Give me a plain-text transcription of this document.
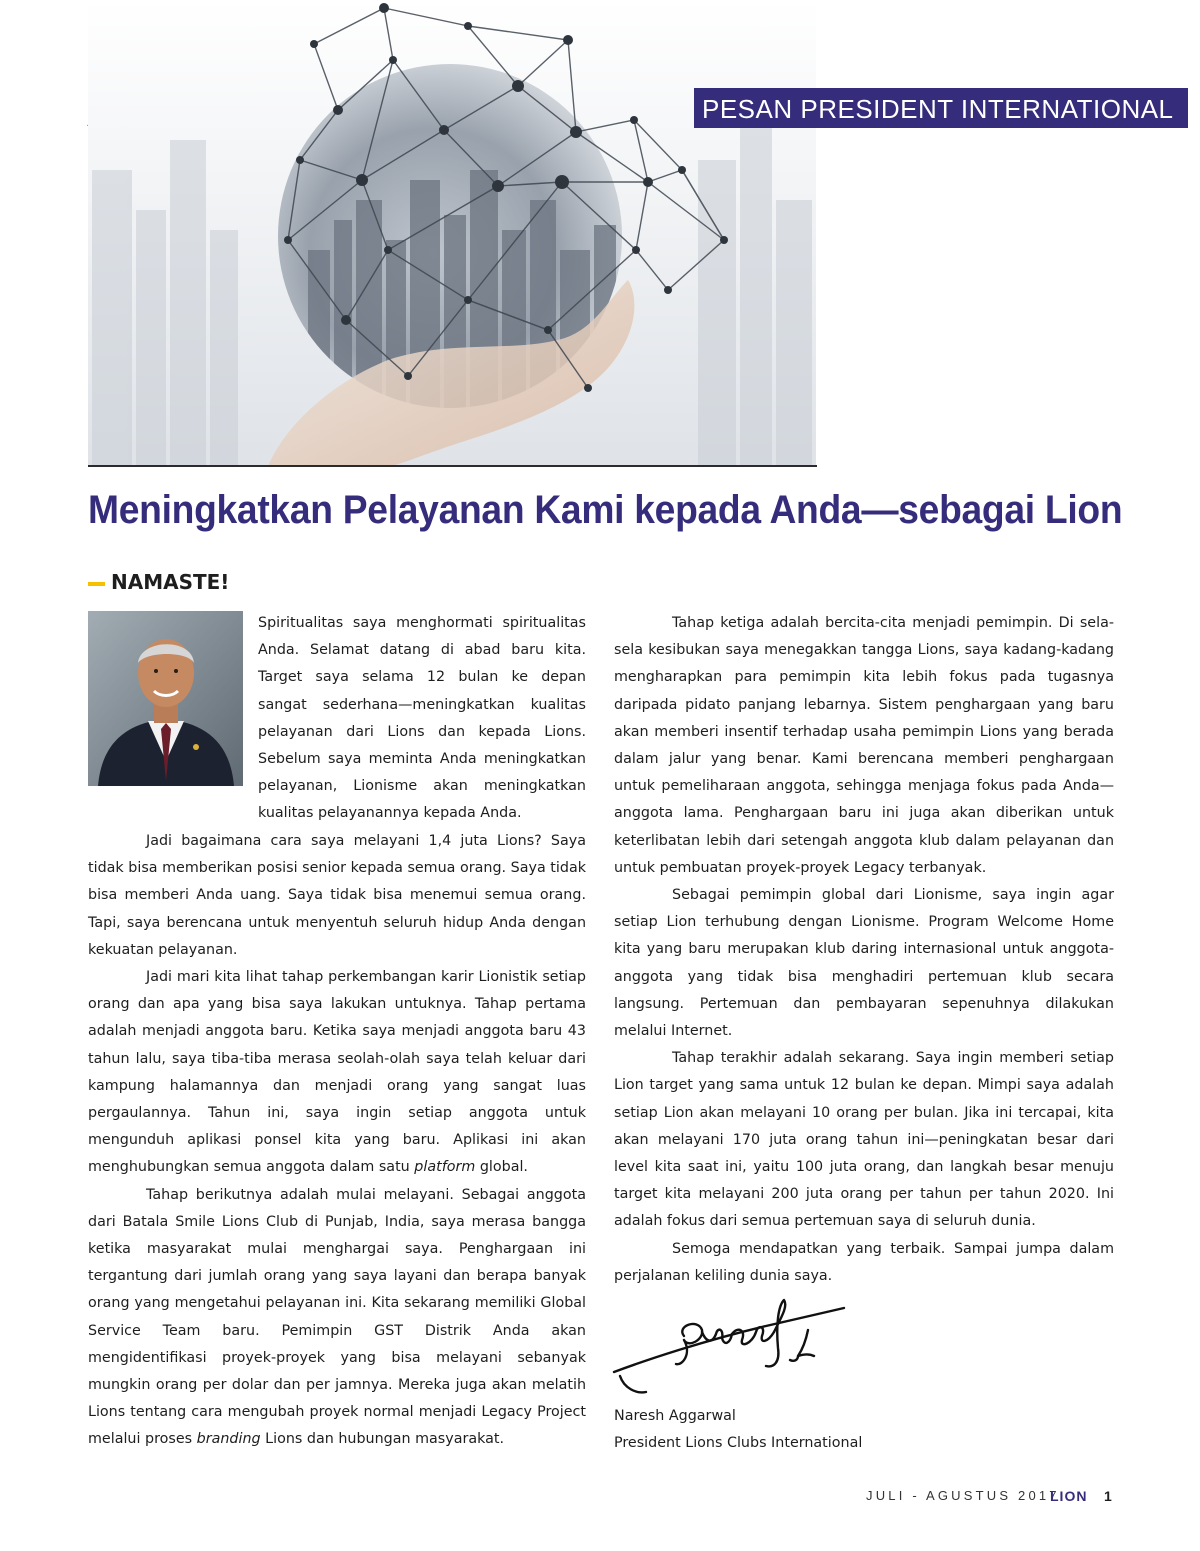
PESAN PRESIDENT INTERNATIONAL
Meningkatkan Pelayanan Kami kepada Anda—sebagai Lion
NAMASTE!

Spiritualitas saya menghormati spiritualitas Anda. Selamat datang di abad baru kita. Target saya selama 12 bulan ke depan sangat sederhana—meningkatkan kualitas pelayanan dari Lions dan kepada Lions. Sebelum saya meminta Anda meningkatkan pelayanan, Lionisme akan meningkatkan kualitas pelayanannya kepada Anda.

Jadi bagaimana cara saya melayani 1,4 juta Lions? Saya tidak bisa memberikan posisi senior kepada semua orang. Saya tidak bisa memberi Anda uang. Saya tidak bisa menemui semua orang. Tapi, saya berencana untuk menyentuh seluruh hidup Anda dengan kekuatan pelayanan.

Jadi mari kita lihat tahap perkembangan karir Lionistik setiap orang dan apa yang bisa saya lakukan untuknya. Tahap pertama adalah menjadi anggota baru. Ketika saya menjadi anggota baru 43 tahun lalu, saya tiba-tiba merasa seolah-olah saya telah keluar dari kampung halamannya dan menjadi orang yang sangat luas pergaulannya. Tahun ini, saya ingin setiap anggota untuk mengunduh aplikasi ponsel kita yang baru. Aplikasi ini akan menghubungkan semua anggota dalam satu platform global.

Tahap berikutnya adalah mulai melayani. Sebagai anggota dari Batala Smile Lions Club di Punjab, India, saya merasa bangga ketika masyarakat mulai menghargai saya. Penghargaan ini tergantung dari jumlah orang yang saya layani dan berapa banyak orang yang mengetahui pelayanan ini. Kita sekarang memiliki Global Service Team baru. Pemimpin GST Distrik Anda akan mengidentifikasi proyek-proyek yang bisa melayani sebanyak mungkin orang per dolar dan per jamnya. Mereka juga akan melatih Lions tentang cara mengubah proyek normal menjadi Legacy Project melalui proses branding Lions dan hubungan masyarakat.

Tahap ketiga adalah bercita-cita menjadi pemimpin. Di sela-sela kesibukan saya menegakkan tangga Lions, saya kadang-kadang mengharapkan para pemimpin kita lebih fokus pada tugasnya daripada pidato panjang lebarnya. Sistem penghargaan yang baru akan memberi insentif terhadap usaha pemimpin Lions yang berada dalam jalur yang benar. Kami berencana memberi penghargaan untuk pemeliharaan anggota, sehingga menjaga fokus pada Anda—anggota lama. Penghargaan baru ini juga akan diberikan untuk keterlibatan lebih dari setengah anggota klub dalam pelayanan dan untuk pembuatan proyek-proyek Legacy terbanyak.

Sebagai pemimpin global dari Lionisme, saya ingin agar setiap Lion terhubung dengan Lionisme. Program Welcome Home kita yang baru merupakan klub daring internasional untuk anggota-anggota yang tidak bisa menghadiri pertemuan klub secara langsung. Pertemuan dan pembayaran sepenuhnya dilakukan melalui Internet.

Tahap terakhir adalah sekarang. Saya ingin memberi setiap Lion target yang sama untuk 12 bulan ke depan. Mimpi saya adalah setiap Lion akan melayani 10 orang per bulan. Jika ini tercapai, kita akan melayani 170 juta orang tahun ini—peningkatan besar dari level kita saat ini, yaitu 100 juta orang, dan langkah besar menuju target kita melayani 200 juta orang per tahun per tahun 2020. Ini adalah fokus dari semua pertemuan saya di seluruh dunia.

Semoga mendapatkan yang terbaik. Sampai jumpa dalam perjalanan keliling dunia saya.

Naresh Aggarwal
President Lions Clubs International
JULI - AGUSTUS 2017
LION 1
